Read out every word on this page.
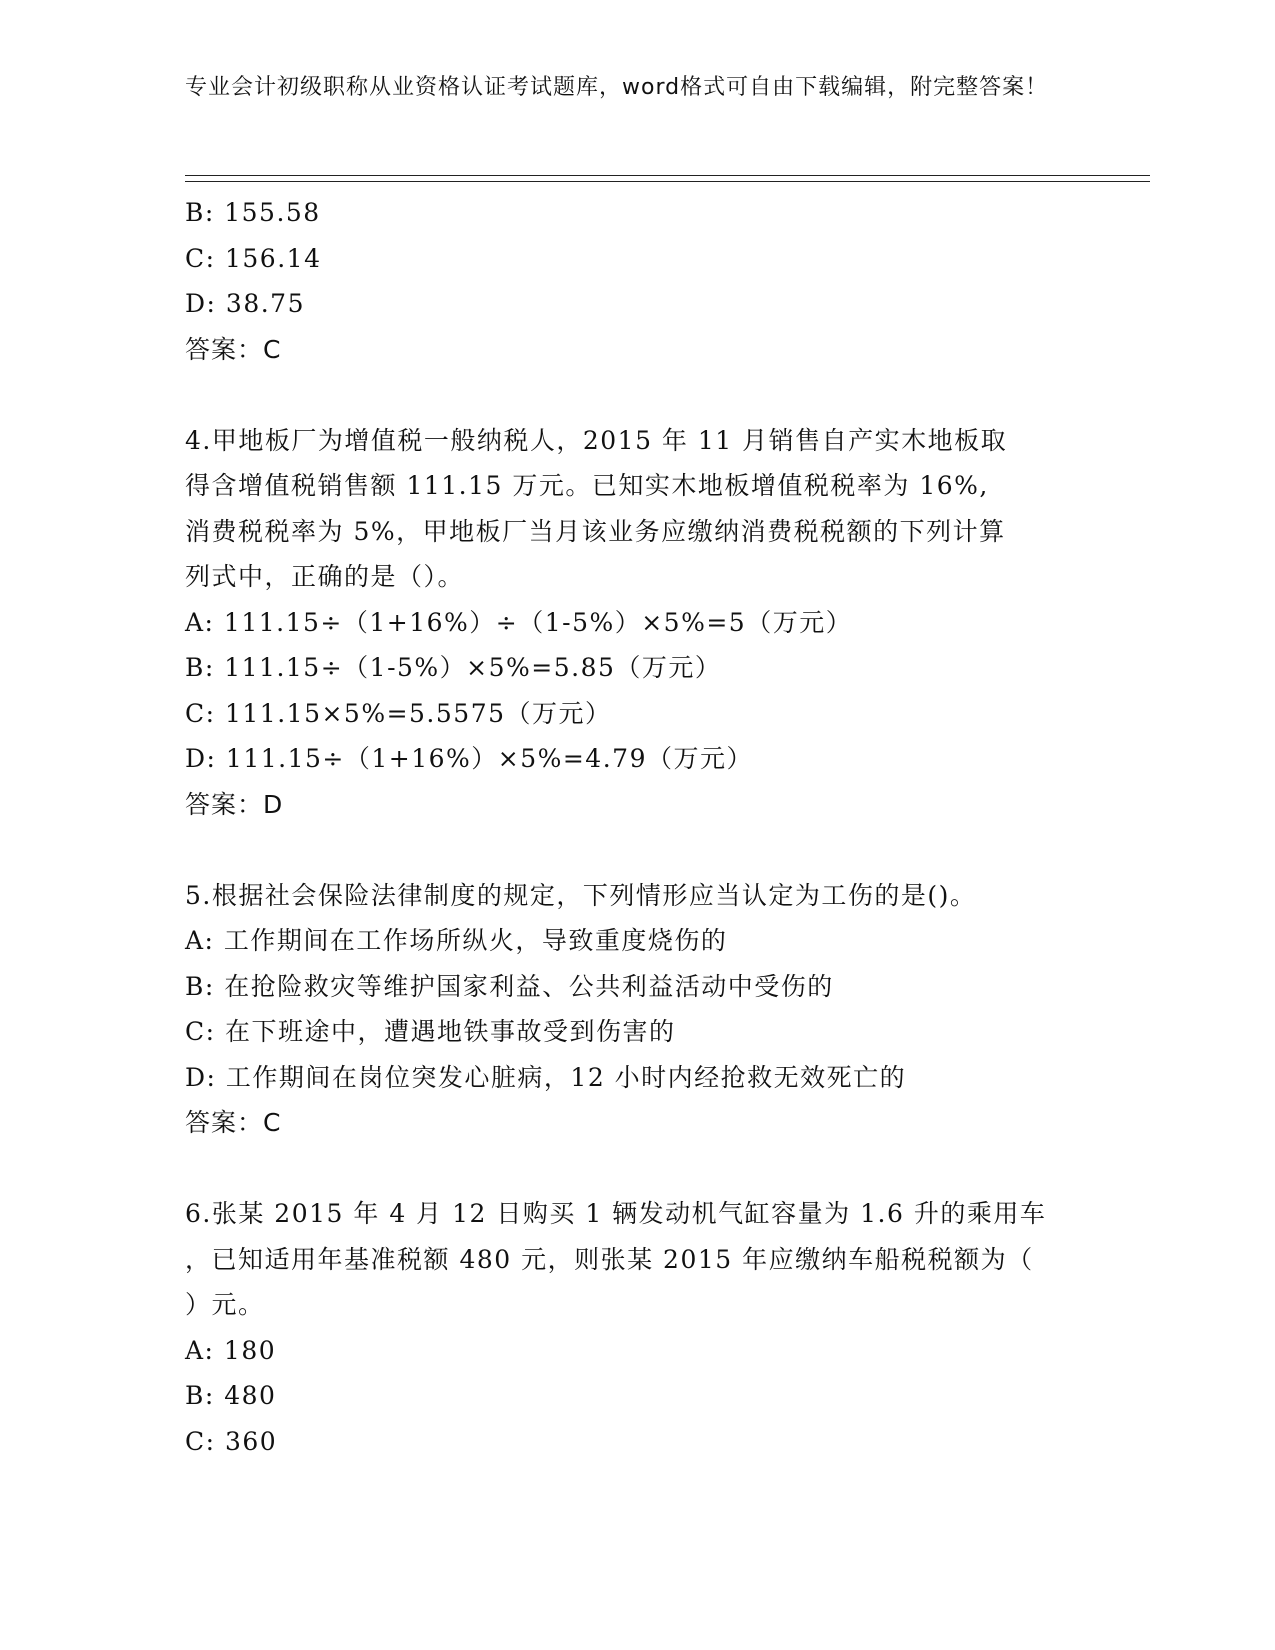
专业会计初级职称从业资格认证考试题库，word格式可自由下载编辑，附完整答案！
B: 155.58
C: 156.14
D: 38.75
答案：C
4.甲地板厂为增值税一般纳税人，2015 年 11 月销售自产实木地板取
得含增值税销售额 111.15 万元。已知实木地板增值税税率为 16%,
消费税税率为 5%，甲地板厂当月该业务应缴纳消费税税额的下列计算
列式中，正确的是（）。
A: 111.15÷（1+16%）÷（1-5%）×5%=5（万元）
B: 111.15÷（1-5%）×5%=5.85（万元）
C: 111.15×5%=5.5575（万元）
D: 111.15÷（1+16%）×5%=4.79（万元）
答案：D
5.根据社会保险法律制度的规定，下列情形应当认定为工伤的是()。
A: 工作期间在工作场所纵火，导致重度烧伤的
B: 在抢险救灾等维护国家利益、公共利益活动中受伤的
C: 在下班途中，遭遇地铁事故受到伤害的
D: 工作期间在岗位突发心脏病，12 小时内经抢救无效死亡的
答案：C
6.张某 2015 年 4 月 12 日购买 1 辆发动机气缸容量为 1.6 升的乘用车
，已知适用年基准税额 480 元，则张某 2015 年应缴纳车船税税额为（
）元。
A: 180
B: 480
C: 360
